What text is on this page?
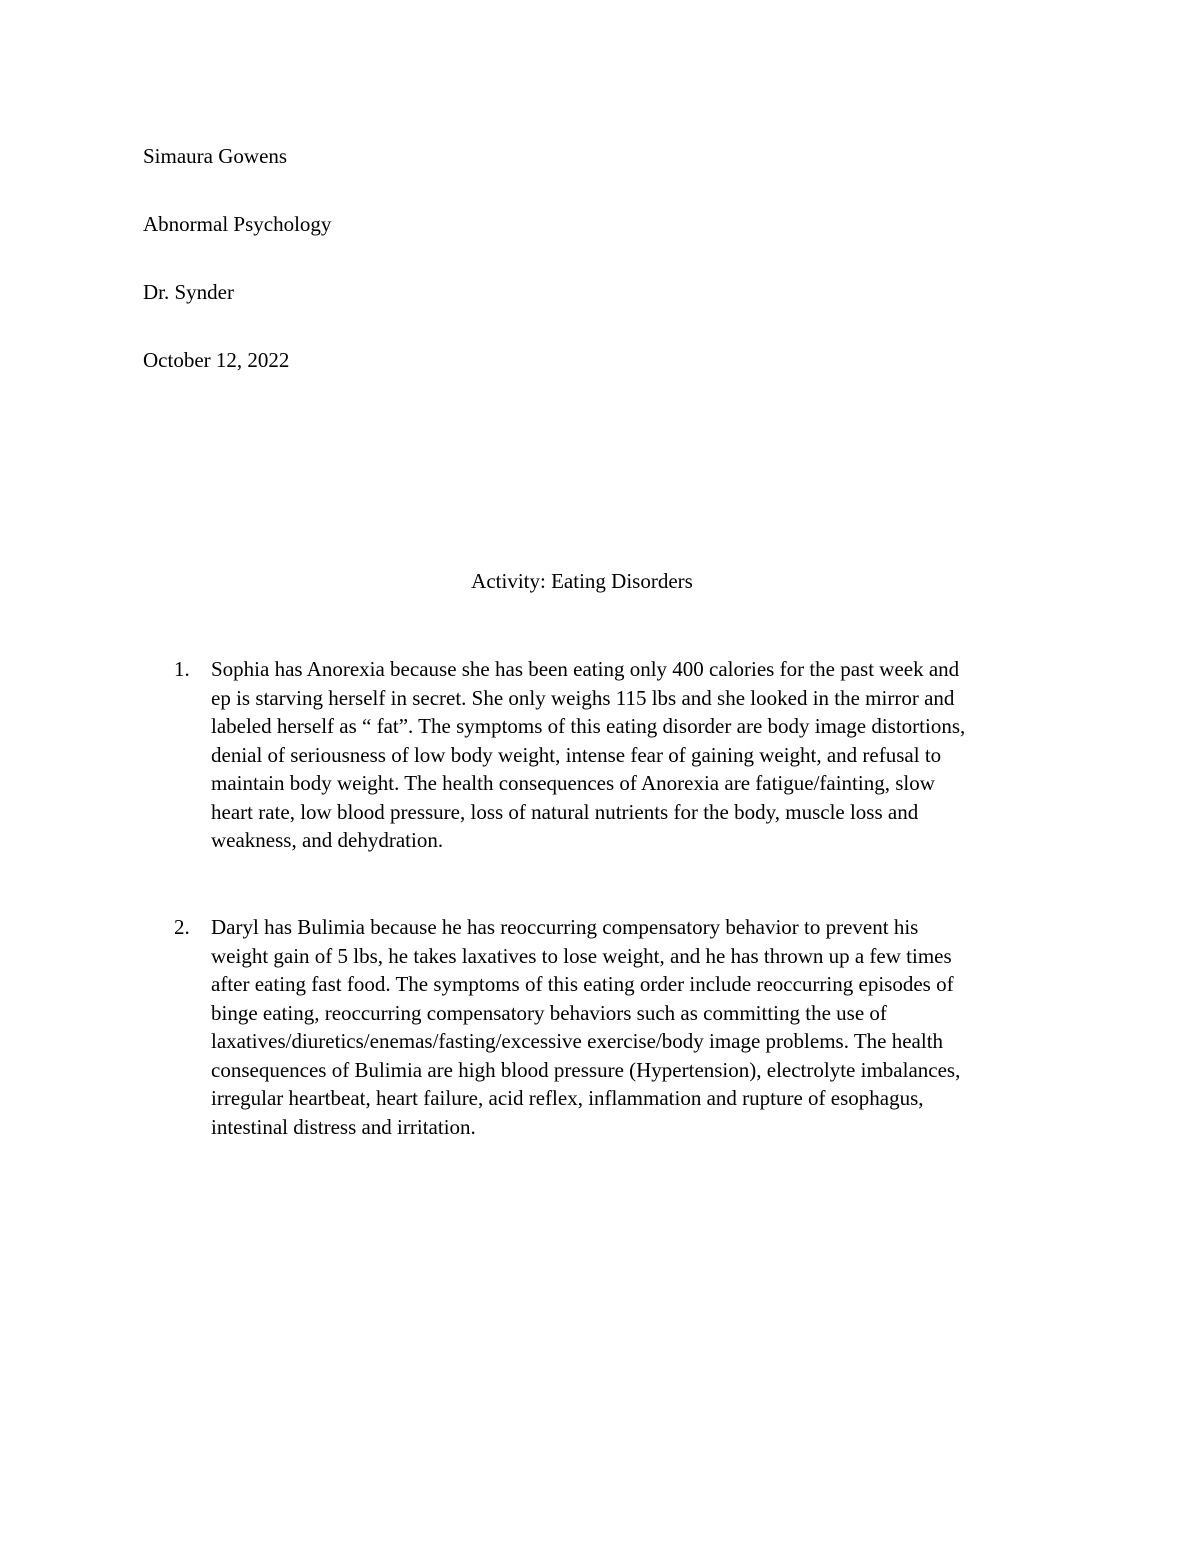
Simaura Gowens
Abnormal Psychology
Dr. Synder
October 12, 2022
Activity: Eating Disorders
1. Sophia has Anorexia because she has been eating only 400 calories for the past week and
ep is starving herself in secret. She only weighs 115 lbs and she looked in the mirror and
labeled herself as “ fat”. The symptoms of this eating disorder are body image distortions,
denial of seriousness of low body weight, intense fear of gaining weight, and refusal to
maintain body weight. The health consequences of Anorexia are fatigue/fainting, slow
heart rate, low blood pressure, loss of natural nutrients for the body, muscle loss and
weakness, and dehydration.
2. Daryl has Bulimia because he has reoccurring compensatory behavior to prevent his
weight gain of 5 lbs, he takes laxatives to lose weight, and he has thrown up a few times
after eating fast food. The symptoms of this eating order include reoccurring episodes of
binge eating, reoccurring compensatory behaviors such as committing the use of
laxatives/diuretics/enemas/fasting/excessive exercise/body image problems. The health
consequences of Bulimia are high blood pressure (Hypertension), electrolyte imbalances,
irregular heartbeat, heart failure, acid reflex, inflammation and rupture of esophagus,
intestinal distress and irritation.
